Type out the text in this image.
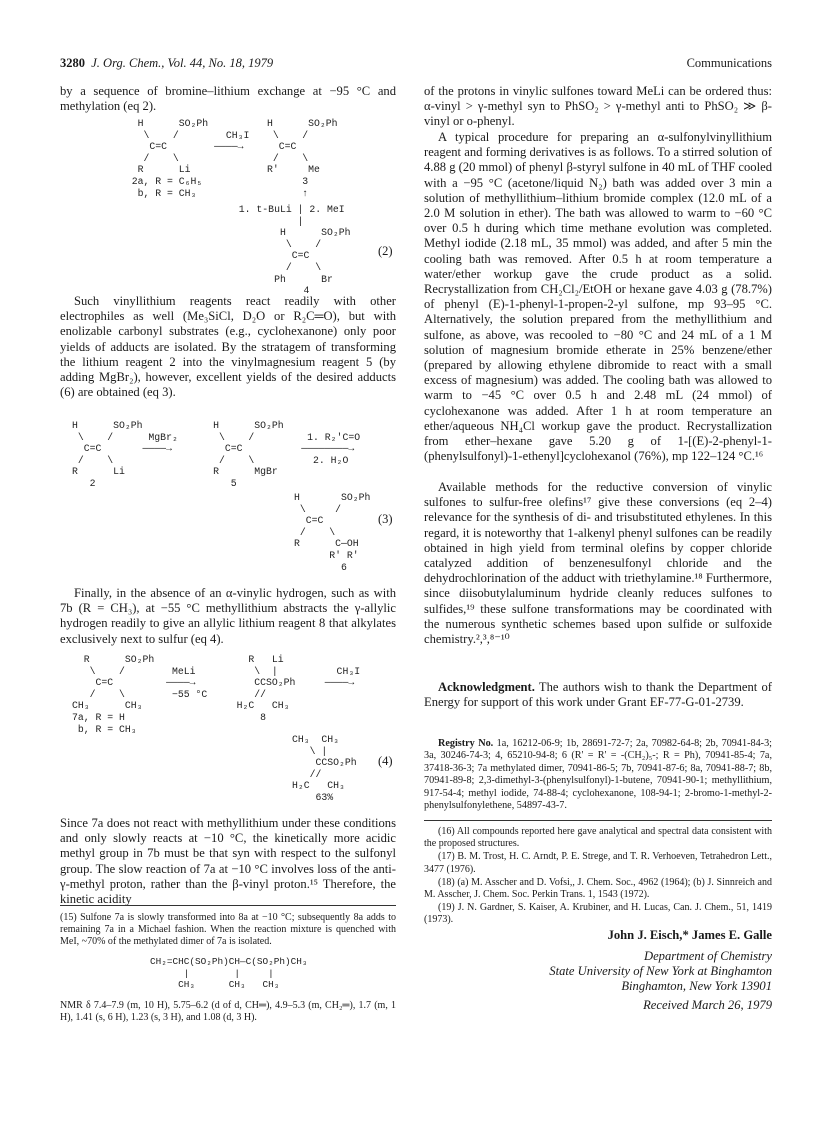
3280 J. Org. Chem., Vol. 44, No. 18, 1979	Communications

by a sequence of bromine–lithium exchange at −95 °C and methylation (eq 2).

H      SO₂Ph          H      SO₂Ph
\    /        CH₃I    \    /
C=C        ————→      C=C
/    \                /    \
R      Li             R'     Me
2a, R = C₆H₅                 3
b, R = CH₃                  ↑
1. t-BuLi | 2. MeI
|
H      SO₂Ph
\    /
C=C
/    \
Ph      Br
4
(2)

Such vinyllithium reagents react readily with other electrophiles as well (Me₃SiCl, D₂O or R₂C═O), but with enolizable carbonyl substrates (e.g., cyclohexanone) only poor yields of adducts are isolated. By the stratagem of transforming the lithium reagent 2 into the vinylmagnesium reagent 5 (by adding MgBr₂), however, excellent yields of the desired adducts (6) are obtained (eq 3).

H      SO₂Ph            H      SO₂Ph
\    /      MgBr₂       \    /         1. R₂'C=O
C=C       ————→         C=C          ————————→
/    \                  /    \          2. H₂O
R      Li               R      MgBr
2                       5
H       SO₂Ph
\     /
C=C
/    \
R      C—OH
R' R'
6
(3)

Finally, in the absence of an α-vinylic hydrogen, such as with 7b (R = CH₃), at −55 °C methyllithium abstracts the γ-allylic hydrogen readily to give an allylic lithium reagent 8 that alkylates exclusively next to sulfur (eq 4).

R      SO₂Ph                R   Li
\    /        MeLi          \  |          CH₃I
C=C         ————→          CCSO₂Ph     ————→
/    \        −55 °C        //
CH₃      CH₃                H₂C   CH₃
7a, R = H                       8
b, R = CH₃
CH₃  CH₃
\ |
CCSO₂Ph
//
H₂C   CH₃
63%
(4)

Since 7a does not react with methyllithium under these conditions and only slowly reacts at −10 °C, the kinetically more acidic methyl group in 7b must be that syn with respect to the sulfonyl group. The slow reaction of 7a at −10 °C involves loss of the anti-γ-methyl proton, rather than the β-vinyl proton.¹⁵ Therefore, the kinetic acidity

(15) Sulfone 7a is slowly transformed into 8a at −10 °C; subsequently 8a adds to remaining 7a in a Michael fashion. When the reaction mixture is quenched with MeI, ~70% of the methylated dimer of 7a is isolated.

CH₂=CHC(SO₂Ph)CH—C(SO₂Ph)CH₃
|        |     |
CH₃      CH₃   CH₃

NMR δ 7.4–7.9 (m, 10 H), 5.75–6.2 (d of d, CH═), 4.9–5.3 (m, CH₂═), 1.7 (m, 1 H), 1.41 (s, 6 H), 1.23 (s, 3 H), and 1.08 (d, 3 H).

of the protons in vinylic sulfones toward MeLi can be ordered thus: α-vinyl > γ-methyl syn to PhSO₂ > γ-methyl anti to PhSO₂ ≫ β-vinyl or o-phenyl.

A typical procedure for preparing an α-sulfonylvinyllithium reagent and forming derivatives is as follows. To a stirred solution of 4.88 g (20 mmol) of phenyl β-styryl sulfone in 40 mL of THF cooled with a −95 °C (acetone/liquid N₂) bath was added over 3 min a solution of methyllithium–lithium bromide complex (12.0 mL of a 2.0 M solution in ether). The bath was allowed to warm to −60 °C over 0.5 h during which time methane evolution was completed. Methyl iodide (2.18 mL, 35 mmol) was added, and after 5 min the cooling bath was removed. After 0.5 h at room temperature a water/ether workup gave the crude product as a solid. Recrystallization from CH₂Cl₂/EtOH or hexane gave 4.03 g (78.7%) of phenyl (E)-1-phenyl-1-propen-2-yl sulfone, mp 93–95 °C. Alternatively, the solution prepared from the methyllithium and sulfone, as above, was recooled to −80 °C and 24 mL of a 1 M solution of magnesium bromide etherate in 25% benzene/ether (prepared by allowing ethylene dibromide to react with a small excess of magnesium) was added. The cooling bath was allowed to warm to −45 °C over 0.5 h and 2.48 mL (24 mmol) of cyclohexanone was added. After 1 h at room temperature an ether/aqueous NH₄Cl workup gave the product. Recrystallization from ether–hexane gave 5.20 g of 1-[(E)-2-phenyl-1-(phenylsulfonyl)-1-ethenyl]cyclohexanol (76%), mp 122–124 °C.¹⁶

Available methods for the reductive conversion of vinylic sulfones to sulfur-free olefins¹⁷ give these conversions (eq 2–4) relevance for the synthesis of di- and trisubstituted ethylenes. In this regard, it is noteworthy that 1-alkenyl phenyl sulfones can be readily obtained in high yield from terminal olefins by copper chloride catalyzed addition of benzenesulfonyl chloride and the dehydrochlorination of the adduct with triethylamine.¹⁸ Furthermore, since diisobutylaluminum hydride cleanly reduces sulfones to sulfides,¹⁹ these sulfone transformations may be coordinated with the numerous synthetic schemes based upon sulfide or sulfoxide chemistry.²,³,⁸⁻¹⁰

Acknowledgment. The authors wish to thank the Department of Energy for support of this work under Grant EF-77-G-01-2739.

Registry No. 1a, 16212-06-9; 1b, 28691-72-7; 2a, 70982-64-8; 2b, 70941-84-3; 3a, 30246-74-3; 4, 65210-94-8; 6 (R' = R' = -(CH₂)₅-; R = Ph), 70941-85-4; 7a, 37418-36-3; 7a methylated dimer, 70941-86-5; 7b, 70941-87-6; 8a, 70941-88-7; 8b, 70941-89-8; 2,3-dimethyl-3-(phenylsulfonyl)-1-butene, 70941-90-1; methyllithium, 917-54-4; methyl iodide, 74-88-4; cyclohexanone, 108-94-1; 2-bromo-1-methyl-2-phenylsulfonylethene, 54897-43-7.

(16) All compounds reported here gave analytical and spectral data consistent with the proposed structures.

(17) B. M. Trost, H. C. Arndt, P. E. Strege, and T. R. Verhoeven, Tetrahedron Lett., 3477 (1976).

(18) (a) M. Asscher and D. Vofsi,, J. Chem. Soc., 4962 (1964); (b) J. Sinnreich and M. Asscher, J. Chem. Soc. Perkin Trans. 1, 1543 (1972).

(19) J. N. Gardner, S. Kaiser, A. Krubiner, and H. Lucas, Can. J. Chem., 51, 1419 (1973).

John J. Eisch,* James E. Galle
Department of Chemistry
State University of New York at Binghamton
Binghamton, New York 13901
Received March 26, 1979
